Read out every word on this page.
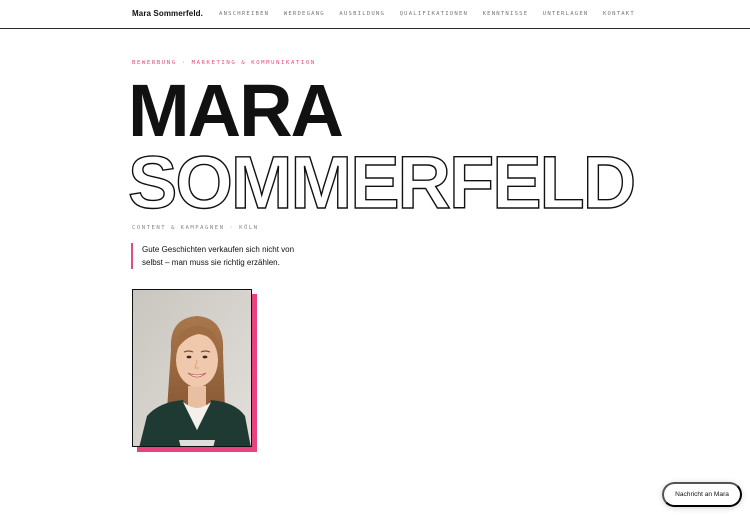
Mara Sommerfeld.	ANSCHREIBEN	WERDEGANG	AUSBILDUNG	QUALIFIKATIONEN	KENNTNISSE	UNTERLAGEN	KONTAKT
BEWERBUNG · MARKETING & KOMMUNIKATION
MARA
SOMMERFELD
CONTENT & KAMPAGNEN · KÖLN
Gute Geschichten verkaufen sich nicht von
selbst – man muss sie richtig erzählen.
Nachricht an Mara
